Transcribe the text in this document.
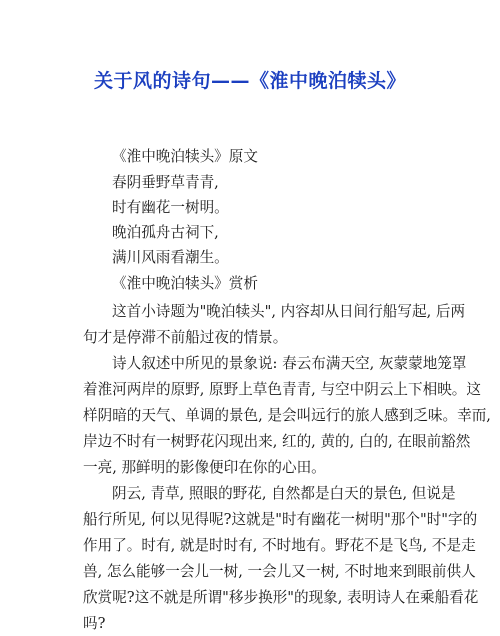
关于风的诗句——《淮中晚泊犊头》
《淮中晚泊犊头》原文
春阴垂野草青青,
时有幽花一树明。
晚泊孤舟古祠下,
满川风雨看潮生。
《淮中晚泊犊头》赏析
这首小诗题为"晚泊犊头", 内容却从日间行船写起, 后两
句才是停滞不前船过夜的情景。
诗人叙述中所见的景象说: 春云布满天空, 灰蒙蒙地笼罩
着淮河两岸的原野, 原野上草色青青, 与空中阴云上下相映。这
样阴暗的天气、单调的景色, 是会叫远行的旅人感到乏味。幸而,
岸边不时有一树野花闪现出来, 红的, 黄的, 白的, 在眼前豁然
一亮, 那鲜明的影像便印在你的心田。
阴云, 青草, 照眼的野花, 自然都是白天的景色, 但说是
船行所见, 何以见得呢?这就是"时有幽花一树明"那个"时"字的
作用了。时有, 就是时时有, 不时地有。野花不是飞鸟, 不是走
兽, 怎么能够一会儿一树, 一会儿又一树, 不时地来到眼前供人
欣赏呢?这不就是所谓"移步换形"的现象, 表明诗人在乘船看花
吗?
